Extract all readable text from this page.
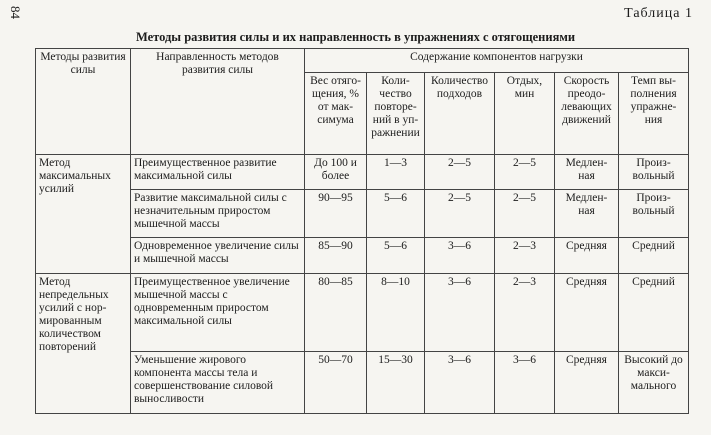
84	Таблица 1
Методы развития силы и их направленность в упражнениях с отягощениями
Методы развития силы	Направленность методов развития силы	Содержание компонентов нагрузки					
		Вес отяго-щения, % от мак-симума	Коли-чество повторе-ний в уп-ражнении	Количество подходов	Отдых, мин	Скорость преодо-левающих движений	Темп вы-полнения упражне-ния
Метод максимальных усилий	Преимущественное развитие максимальной силы	До 100 и более	1—3	2—5	2—5	Медлен-ная	Произ-вольный
	Развитие максимальной силы с незначительным приростом мышечной массы	90—95	5—6	2—5	2—5	Медлен-ная	Произ-вольный
	Одновременное увеличение силы и мышечной массы	85—90	5—6	3—6	2—3	Средняя	Средний
Метод непредельных усилий с нор-мированным количеством повторений	Преимущественное увеличение мышечной массы с одновременным приростом максимальной силы	80—85	8—10	3—6	2—3	Средняя	Средний
	Уменьшение жирового компонента массы тела и совершенствование силовой выносливости	50—70	15—30	3—6	3—6	Средняя	Высокий до макси-мального
